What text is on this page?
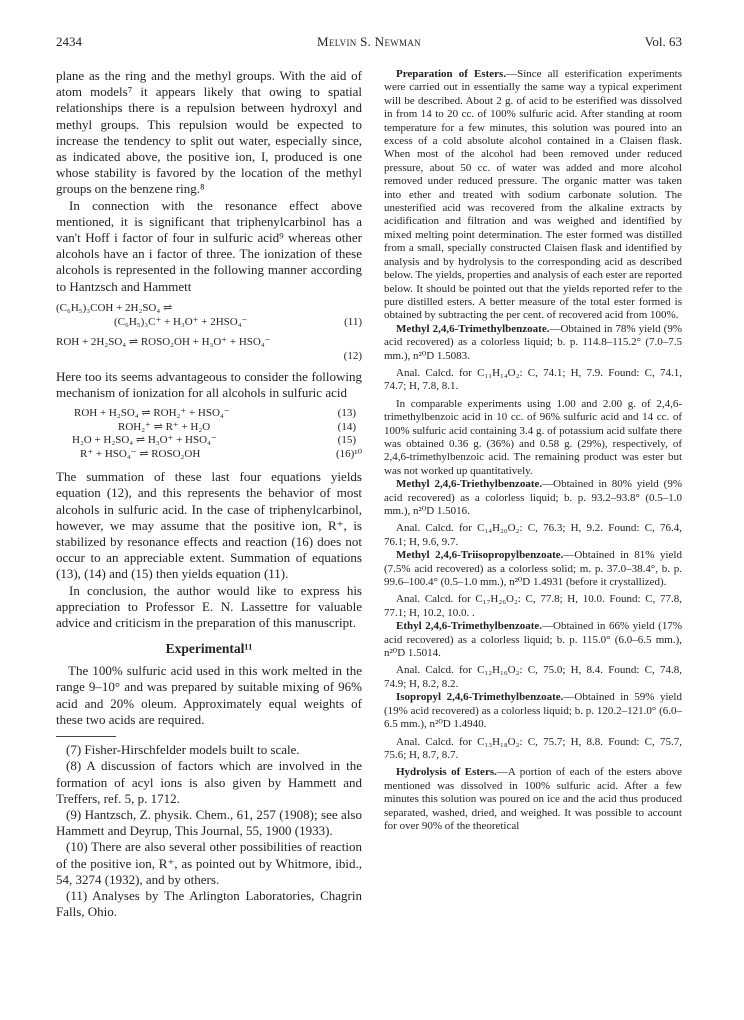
2434	Melvin S. Newman	Vol. 63

plane as the ring and the methyl groups. With the aid of atom models⁷ it appears likely that owing to spatial relationships there is a repulsion between hydroxyl and methyl groups. This repulsion would be expected to increase the tendency to split out water, especially since, as indicated above, the positive ion, I, produced is one whose stability is favored by the location of the methyl groups on the benzene ring.⁸

In connection with the resonance effect above mentioned, it is significant that triphenylcarbinol has a van't Hoff i factor of four in sulfuric acid⁹ whereas other alcohols have an i factor of three. The ionization of these alcohols is represented in the following manner according to Hantzsch and Hammett

(C₆H₅)₃COH + 2H₂SO₄ ⇌
(C₆H₅)₃C⁺ + H₃O⁺ + 2HSO₄⁻	(11)
ROH + 2H₂SO₄ ⇌ ROSO₂OH + H₃O⁺ + HSO₄⁻
(12)

Here too its seems advantageous to consider the following mechanism of ionization for all alcohols in sulfuric acid

ROH + H₂SO₄ ⇌ ROH₂⁺ + HSO₄⁻	(13)
ROH₂⁺ ⇌ R⁺ + H₂O	(14)
H₂O + H₂SO₄ ⇌ H₃O⁺ + HSO₄⁻	(15)
R⁺ + HSO₄⁻ ⇌ ROSO₂OH	(16)¹⁰

The summation of these last four equations yields equation (12), and this represents the behavior of most alcohols in sulfuric acid. In the case of triphenylcarbinol, however, we may assume that the positive ion, R⁺, is stabilized by resonance effects and reaction (16) does not occur to an appreciable extent. Summation of equations (13), (14) and (15) then yields equation (11).

In conclusion, the author would like to express his appreciation to Professor E. N. Lassettre for valuable advice and criticism in the preparation of this manuscript.

Experimental¹¹

The 100% sulfuric acid used in this work melted in the range 9–10° and was prepared by suitable mixing of 96% acid and 20% oleum. Approximately equal weights of these two acids are required.

(7) Fisher-Hirschfelder models built to scale.

(8) A discussion of factors which are involved in the formation of acyl ions is also given by Hammett and Treffers, ref. 5, p. 1712.

(9) Hantzsch, Z. physik. Chem., 61, 257 (1908); see also Hammett and Deyrup, This Journal, 55, 1900 (1933).

(10) There are also several other possibilities of reaction of the positive ion, R⁺, as pointed out by Whitmore, ibid., 54, 3274 (1932), and by others.

(11) Analyses by The Arlington Laboratories, Chagrin Falls, Ohio.

Preparation of Esters.—Since all esterification experiments were carried out in essentially the same way a typical experiment will be described. About 2 g. of acid to be esterified was dissolved in from 14 to 20 cc. of 100% sulfuric acid. After standing at room temperature for a few minutes, this solution was poured into an excess of a cold absolute alcohol contained in a Claisen flask. When most of the alcohol had been removed under reduced pressure, about 50 cc. of water was added and more alcohol removed under reduced pressure. The organic matter was taken into ether and treated with sodium carbonate solution. The unesterified acid was recovered from the alkaline extracts by acidification and filtration and was weighed and identified by mixed melting point determination. The ester formed was distilled from a small, specially constructed Claisen flask and identified by analysis and by hydrolysis to the corresponding acid as described below. The yields, properties and analysis of each ester are reported below. It should be pointed out that the yields reported refer to the pure distilled esters. A better measure of the total ester formed is obtained by subtracting the per cent. of recovered acid from 100%.

Methyl 2,4,6-Trimethylbenzoate.—Obtained in 78% yield (9% acid recovered) as a colorless liquid; b. p. 114.8–115.2° (7.0–7.5 mm.), n²⁰D 1.5083.

Anal. Calcd. for C₁₁H₁₄O₂: C, 74.1; H, 7.9. Found: C, 74.1, 74.7; H, 7.8, 8.1.

In comparable experiments using 1.00 and 2.00 g. of 2,4,6-trimethylbenzoic acid in 10 cc. of 96% sulfuric acid and 14 cc. of 100% sulfuric acid containing 3.4 g. of potassium acid sulfate there was obtained 0.36 g. (36%) and 0.58 g. (29%), respectively, of 2,4,6-trimethylbenzoic acid. The remaining product was ester but was not worked up quantitatively.

Methyl 2,4,6-Triethylbenzoate.—Obtained in 80% yield (9% acid recovered) as a colorless liquid; b. p. 93.2–93.8° (0.5–1.0 mm.), n²⁰D 1.5016.

Anal. Calcd. for C₁₄H₂₀O₂: C, 76.3; H, 9.2. Found: C, 76.4, 76.1; H, 9.6, 9.7.

Methyl 2,4,6-Triisopropylbenzoate.—Obtained in 81% yield (7.5% acid recovered) as a colorless solid; m. p. 37.0–38.4°, b. p. 99.6–100.4° (0.5–1.0 mm.), n²⁰D 1.4931 (before it crystallized).

Anal. Calcd. for C₁₇H₂₆O₂: C, 77.8; H, 10.0. Found: C, 77.8, 77.1; H, 10.2, 10.0. .

Ethyl 2,4,6-Trimethylbenzoate.—Obtained in 66% yield (17% acid recovered) as a colorless liquid; b. p. 115.0° (6.0–6.5 mm.), n²⁰D 1.5014.

Anal. Calcd. for C₁₂H₁₆O₂: C, 75.0; H, 8.4. Found: C, 74.8, 74.9; H, 8.2, 8.2.

Isopropyl 2,4,6-Trimethylbenzoate.—Obtained in 59% yield (19% acid recovered) as a colorless liquid; b. p. 120.2–121.0° (6.0–6.5 mm.), n²⁰D 1.4940.

Anal. Calcd. for C₁₃H₁₈O₂: C, 75.7; H, 8.8. Found: C, 75.7, 75.6; H, 8.7, 8.7.

Hydrolysis of Esters.—A portion of each of the esters above mentioned was dissolved in 100% sulfuric acid. After a few minutes this solution was poured on ice and the acid thus produced separated, washed, dried, and weighed. It was possible to account for over 90% of the theoretical
